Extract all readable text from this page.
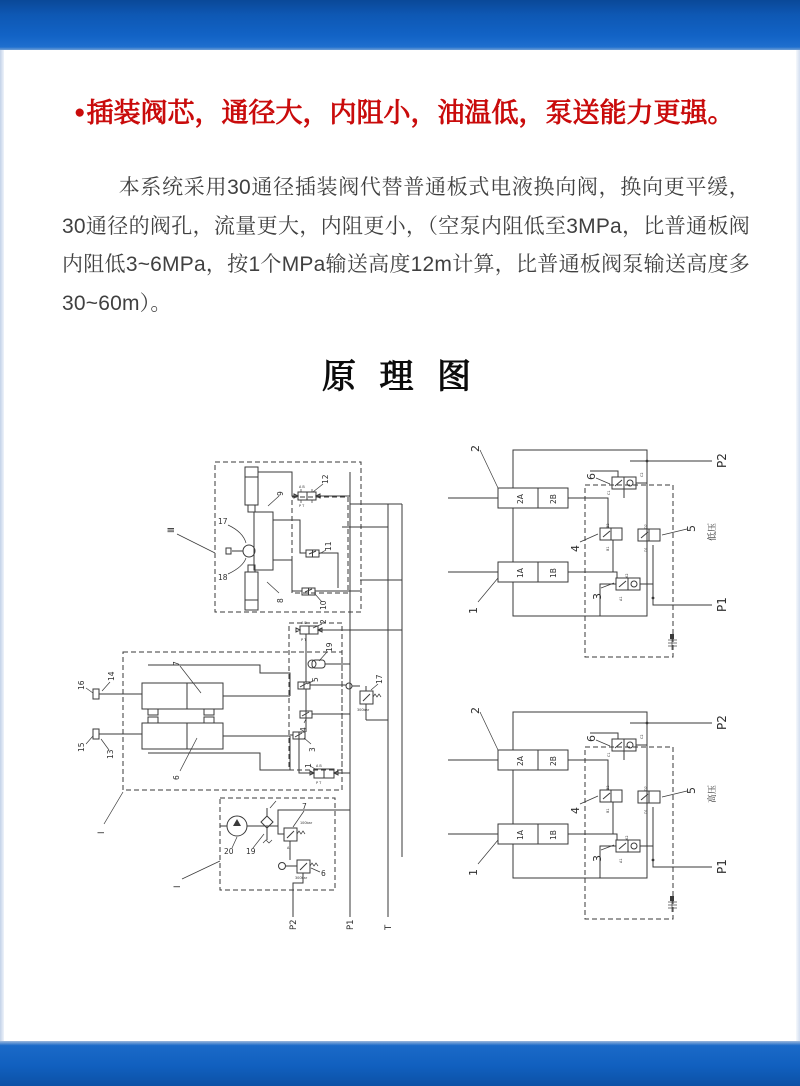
● 插装阀芯，通径大，内阻小，油温低，泵送能力更强。
本系统采用30通径插装阀代替普通板式电液换向阀，换向更平缓，30通径的阀孔，流量更大，内阻更小，（空泵内阻低至3MPa，比普通板阀内阻低3~6MPa，按1个MPa输送高度12m计算，比普通板阀泵输送高度多30~60m）。
原 理 图
17
18
Ⅲ
9
8
A B
P T
12
11
10
16
14
15
13
7
6
Ⅰ
A B
P T
2
19
5	17
300bar
4
3
A B
P T
1
20 19
7
100bar
A
6
300bar
Ⅰ
P2	P1	T
2
2A	2B
1A	1B
1
P2
P1
C2
C1
6
B2
B1
4
D2
D1
5 低压
A2
A1
3
2
2A	2B
1A	1B
1
P2
P1
C2
C1
6
B2
B1
4
D2
D1
5 高压
A2
A1
3
